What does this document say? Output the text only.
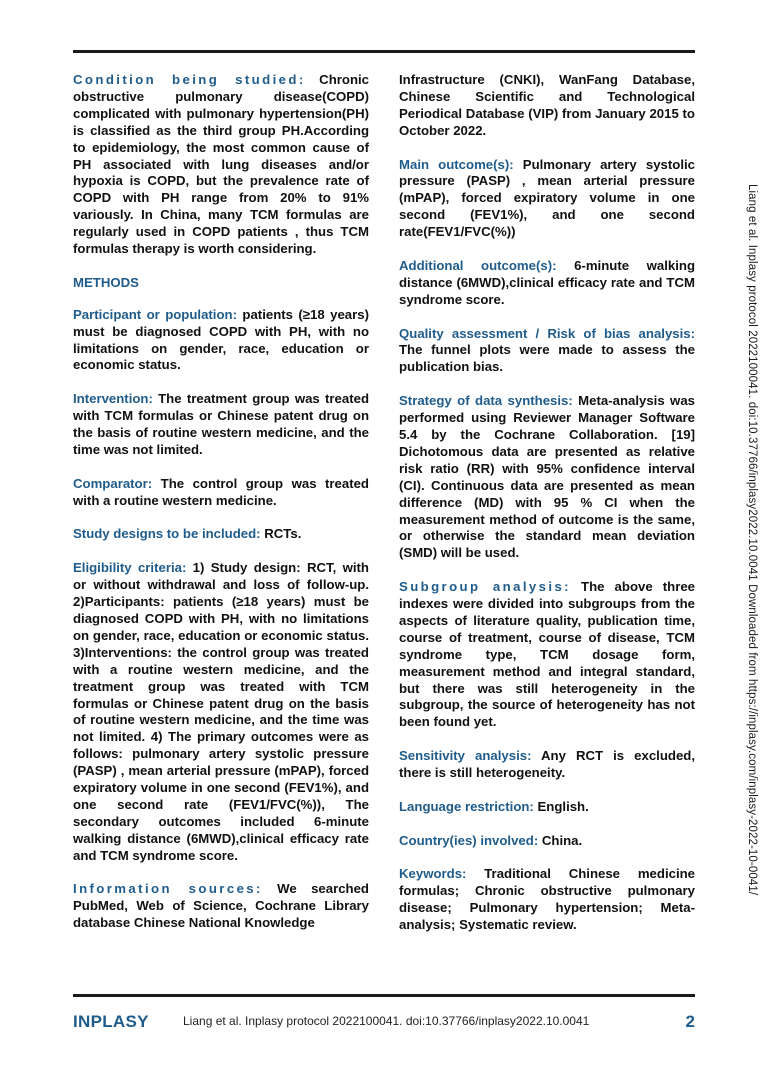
Condition being studied: Chronic obstructive pulmonary disease(COPD) complicated with pulmonary hypertension(PH) is classified as the third group PH.According to epidemiology, the most common cause of PH associated with lung diseases and/or hypoxia is COPD, but the prevalence rate of COPD with PH range from 20% to 91% variously. In China, many TCM formulas are regularly used in COPD patients , thus TCM formulas therapy is worth considering.

METHODS

Participant or population: patients (≥18 years) must be diagnosed COPD with PH, with no limitations on gender, race, education or economic status.

Intervention: The treatment group was treated with TCM formulas or Chinese patent drug on the basis of routine western medicine, and the time was not limited.

Comparator: The control group was treated with a routine western medicine.

Study designs to be included: RCTs.

Eligibility criteria: 1) Study design: RCT, with or without withdrawal and loss of follow-up. 2)Participants: patients (≥18 years) must be diagnosed COPD with PH, with no limitations on gender, race, education or economic status. 3)Interventions: the control group was treated with a routine western medicine, and the treatment group was treated with TCM formulas or Chinese patent drug on the basis of routine western medicine, and the time was not limited. 4) The primary outcomes were as follows: pulmonary artery systolic pressure (PASP) , mean arterial pressure (mPAP), forced expiratory volume in one second (FEV1%), and one second rate (FEV1/FVC(%)), The secondary outcomes included 6-minute walking distance (6MWD),clinical efficacy rate and TCM syndrome score.

Information sources: We searched PubMed, Web of Science, Cochrane Library database Chinese National Knowledge

Infrastructure (CNKI), WanFang Database, Chinese Scientific and Technological Periodical Database (VIP) from January 2015 to October 2022.

Main outcome(s): Pulmonary artery systolic pressure (PASP) , mean arterial pressure (mPAP), forced expiratory volume in one second (FEV1%), and one second rate(FEV1/FVC(%))

Additional outcome(s): 6-minute walking distance (6MWD),clinical efficacy rate and TCM syndrome score.

Quality assessment / Risk of bias analysis: The funnel plots were made to assess the publication bias.

Strategy of data synthesis: Meta-analysis was performed using Reviewer Manager Software 5.4 by the Cochrane Collaboration. [19] Dichotomous data are presented as relative risk ratio (RR) with 95% confidence interval (CI). Continuous data are presented as mean difference (MD) with 95 % CI when the measurement method of outcome is the same, or otherwise the standard mean deviation (SMD) will be used.

Subgroup analysis: The above three indexes were divided into subgroups from the aspects of literature quality, publication time, course of treatment, course of disease, TCM syndrome type, TCM dosage form, measurement method and integral standard, but there was still heterogeneity in the subgroup, the source of heterogeneity has not been found yet.

Sensitivity analysis: Any RCT is excluded, there is still heterogeneity.

Language restriction: English.

Country(ies) involved: China.

Keywords: Traditional Chinese medicine formulas; Chronic obstructive pulmonary disease; Pulmonary hypertension; Meta-analysis; Systematic review.

Liang et al. Inplasy protocol 2022100041. doi:10.37766/inplasy2022.10.0041 Downloaded from https://inplasy.com/inplasy-2022-10-0041/
INPLASY	Liang et al. Inplasy protocol 2022100041. doi:10.37766/inplasy2022.10.0041	2
